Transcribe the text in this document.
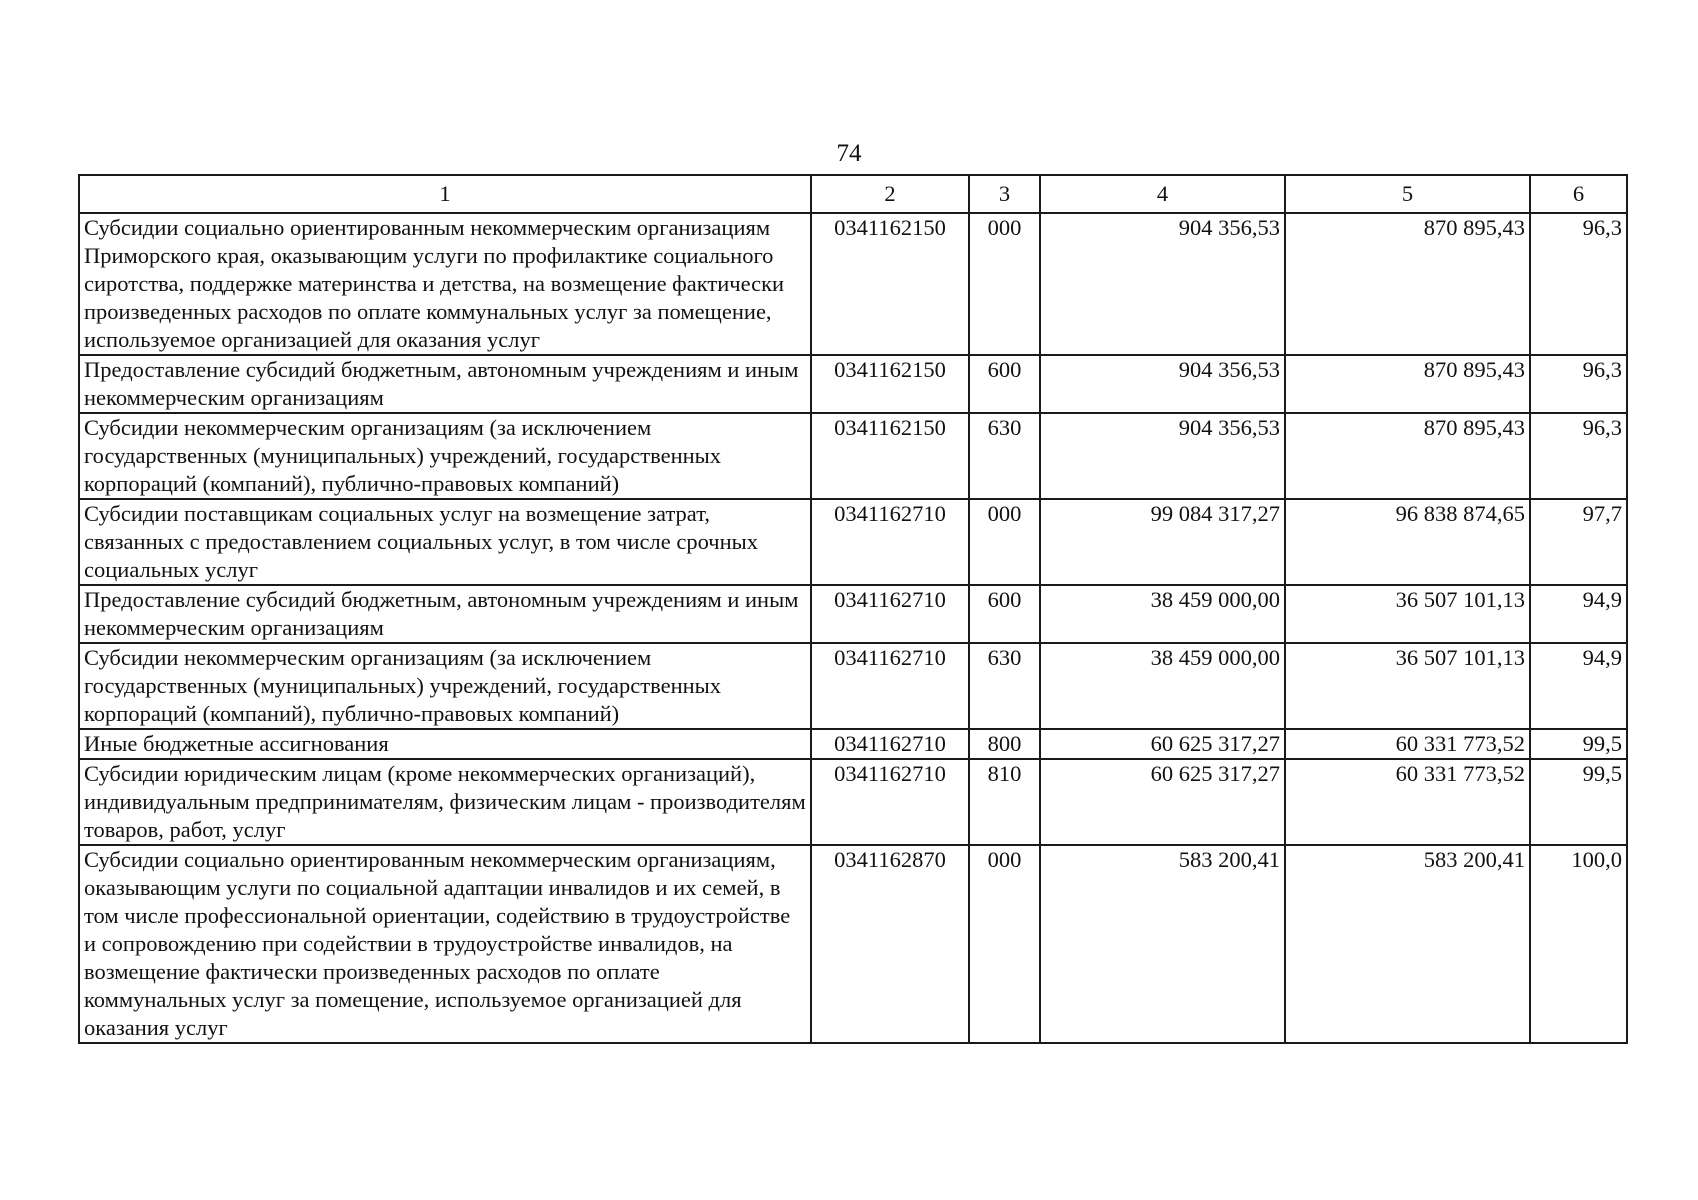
74
1	2	3	4	5	6
Субсидии социально ориентированным некоммерческим организациям Приморского края, оказывающим услуги по профилактике социального сиротства, поддержке материнства и детства, на возмещение фактически произведенных расходов по оплате коммунальных услуг за помещение, используемое организацией для оказания услуг	0341162150	000	904 356,53	870 895,43	96,3
Предоставление субсидий бюджетным, автономным учреждениям и иным некоммерческим организациям	0341162150	600	904 356,53	870 895,43	96,3
Субсидии некоммерческим организациям (за исключением государственных (муниципальных) учреждений, государственных корпораций (компаний), публично-правовых компаний)	0341162150	630	904 356,53	870 895,43	96,3
Субсидии поставщикам социальных услуг на возмещение затрат, связанных с предоставлением социальных услуг, в том числе срочных социальных услуг	0341162710	000	99 084 317,27	96 838 874,65	97,7
Предоставление субсидий бюджетным, автономным учреждениям и иным некоммерческим организациям	0341162710	600	38 459 000,00	36 507 101,13	94,9
Субсидии некоммерческим организациям (за исключением государственных (муниципальных) учреждений, государственных корпораций (компаний), публично-правовых компаний)	0341162710	630	38 459 000,00	36 507 101,13	94,9
Иные бюджетные ассигнования	0341162710	800	60 625 317,27	60 331 773,52	99,5
Субсидии юридическим лицам (кроме некоммерческих организаций), индивидуальным предпринимателям, физическим лицам - производителям товаров, работ, услуг	0341162710	810	60 625 317,27	60 331 773,52	99,5
Субсидии социально ориентированным некоммерческим организациям, оказывающим услуги по социальной адаптации инвалидов и их семей, в том числе профессиональной ориентации, содействию в трудоустройстве и сопровождению при содействии в трудоустройстве инвалидов, на возмещение фактически произведенных расходов по оплате коммунальных услуг за помещение, используемое организацией для оказания услуг	0341162870	000	583 200,41	583 200,41	100,0
